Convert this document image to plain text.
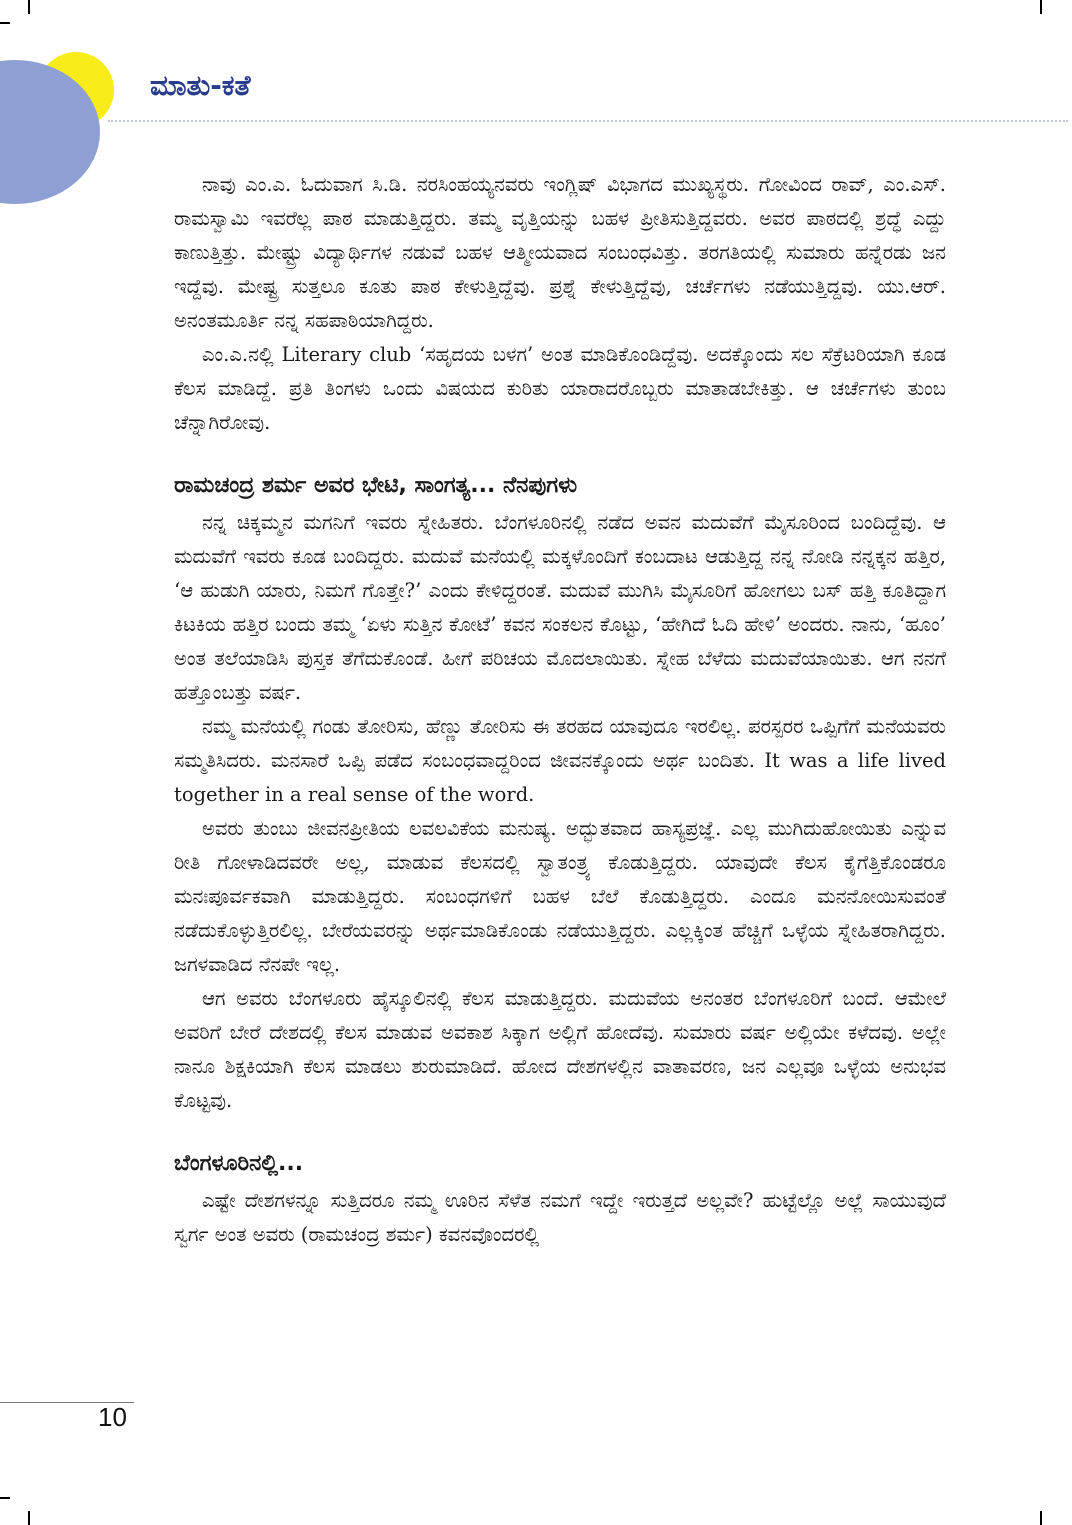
ಮಾತು-ಕತೆ

ನಾವು ಎಂ.ಎ. ಓದುವಾಗ ಸಿ.ಡಿ. ನರಸಿಂಹಯ್ಯನವರು ಇಂಗ್ಲಿಷ್ ವಿಭಾಗದ ಮುಖ್ಯಸ್ಥರು. ಗೋವಿಂದ ರಾವ್, ಎಂ.ಎಸ್. ರಾಮಸ್ವಾಮಿ ಇವರೆಲ್ಲ ಪಾಠ ಮಾಡುತ್ತಿದ್ದರು. ತಮ್ಮ ವೃತ್ತಿಯನ್ನು ಬಹಳ ಪ್ರೀತಿಸುತ್ತಿದ್ದವರು. ಅವರ ಪಾಠದಲ್ಲಿ ಶ್ರದ್ಧೆ ಎದ್ದು ಕಾಣುತ್ತಿತ್ತು. ಮೇಷ್ಟ್ರು ವಿದ್ಯಾರ್ಥಿಗಳ ನಡುವೆ ಬಹಳ ಆತ್ಮೀಯವಾದ ಸಂಬಂಧವಿತ್ತು. ತರಗತಿಯಲ್ಲಿ ಸುಮಾರು ಹನ್ನೆರಡು ಜನ ಇದ್ದೆವು. ಮೇಷ್ಟ್ರ ಸುತ್ತಲೂ ಕೂತು ಪಾಠ ಕೇಳುತ್ತಿದ್ದೆವು. ಪ್ರಶ್ನೆ ಕೇಳುತ್ತಿದ್ದೆವು, ಚರ್ಚೆಗಳು ನಡೆಯುತ್ತಿದ್ದವು. ಯು.ಆರ್. ಅನಂತಮೂರ್ತಿ ನನ್ನ ಸಹಪಾಠಿಯಾಗಿದ್ದರು.

ಎಂ.ಎ.ನಲ್ಲಿ Literary club ‘ಸಹೃದಯ ಬಳಗ’ ಅಂತ ಮಾಡಿಕೊಂಡಿದ್ದೆವು. ಅದಕ್ಕೊಂದು ಸಲ ಸೆಕ್ರೆಟರಿಯಾಗಿ ಕೂಡ ಕೆಲಸ ಮಾಡಿದ್ದೆ. ಪ್ರತಿ ತಿಂಗಳು ಒಂದು ವಿಷಯದ ಕುರಿತು ಯಾರಾದರೊಬ್ಬರು ಮಾತಾಡಬೇಕಿತ್ತು. ಆ ಚರ್ಚೆಗಳು ತುಂಬ ಚೆನ್ನಾಗಿರೋವು.

ರಾಮಚಂದ್ರ ಶರ್ಮ ಅವರ ಭೇಟಿ, ಸಾಂಗತ್ಯ... ನೆನಪುಗಳು

ನನ್ನ ಚಿಕ್ಕಮ್ಮನ ಮಗನಿಗೆ ಇವರು ಸ್ನೇಹಿತರು. ಬೆಂಗಳೂರಿನಲ್ಲಿ ನಡೆದ ಅವನ ಮದುವೆಗೆ ಮೈಸೂರಿಂದ ಬಂದಿದ್ದೆವು. ಆ ಮದುವೆಗೆ ಇವರು ಕೂಡ ಬಂದಿದ್ದರು. ಮದುವೆ ಮನೆಯಲ್ಲಿ ಮಕ್ಕಳೊಂದಿಗೆ ಕಂಬದಾಟ ಆಡುತ್ತಿದ್ದ ನನ್ನ ನೋಡಿ ನನ್ನಕ್ಕನ ಹತ್ತಿರ, ‘ಆ ಹುಡುಗಿ ಯಾರು, ನಿಮಗೆ ಗೊತ್ತೇ?’ ಎಂದು ಕೇಳಿದ್ದರಂತೆ. ಮದುವೆ ಮುಗಿಸಿ ಮೈಸೂರಿಗೆ ಹೋಗಲು ಬಸ್ ಹತ್ತಿ ಕೂತಿದ್ದಾಗ ಕಿಟಕಿಯ ಹತ್ತಿರ ಬಂದು ತಮ್ಮ ‘ಏಳು ಸುತ್ತಿನ ಕೋಟೆ’ ಕವನ ಸಂಕಲನ ಕೊಟ್ಟು, ‘ಹೇಗಿದೆ ಓದಿ ಹೇಳಿ’ ಅಂದರು. ನಾನು, ‘ಹೂಂ’ ಅಂತ ತಲೆಯಾಡಿಸಿ ಪುಸ್ತಕ ತೆಗೆದುಕೊಂಡೆ. ಹೀಗೆ ಪರಿಚಯ ಮೊದಲಾಯಿತು. ಸ್ನೇಹ ಬೆಳೆದು ಮದುವೆಯಾಯಿತು. ಆಗ ನನಗೆ ಹತ್ತೊಂಬತ್ತು ವರ್ಷ.

ನಮ್ಮ ಮನೆಯಲ್ಲಿ ಗಂಡು ತೋರಿಸು, ಹೆಣ್ಣು ತೋರಿಸು ಈ ತರಹದ ಯಾವುದೂ ಇರಲಿಲ್ಲ. ಪರಸ್ಪರರ ಒಪ್ಪಿಗೆಗೆ ಮನೆಯವರು ಸಮ್ಮತಿಸಿದರು. ಮನಸಾರೆ ಒಪ್ಪಿ ಪಡೆದ ಸಂಬಂಧವಾದ್ದರಿಂದ ಜೀವನಕ್ಕೊಂದು ಅರ್ಥ ಬಂದಿತು. It was a life lived together in a real sense of the word.

ಅವರು ತುಂಬು ಜೀವನಪ್ರೀತಿಯ ಲವಲವಿಕೆಯ ಮನುಷ್ಯ. ಅದ್ಭುತವಾದ ಹಾಸ್ಯಪ್ರಜ್ಞೆ. ಎಲ್ಲ ಮುಗಿದುಹೋಯಿತು ಎನ್ನುವ ರೀತಿ ಗೋಳಾಡಿದವರೇ ಅಲ್ಲ, ಮಾಡುವ ಕೆಲಸದಲ್ಲಿ ಸ್ವಾತಂತ್ರ್ಯ ಕೊಡುತ್ತಿದ್ದರು. ಯಾವುದೇ ಕೆಲಸ ಕೈಗೆತ್ತಿಕೊಂಡರೂ ಮನಃಪೂರ್ವಕವಾಗಿ ಮಾಡುತ್ತಿದ್ದರು. ಸಂಬಂಧಗಳಿಗೆ ಬಹಳ ಬೆಲೆ ಕೊಡುತ್ತಿದ್ದರು. ಎಂದೂ ಮನನೋಯಿಸುವಂತೆ ನಡೆದುಕೊಳ್ಳುತ್ತಿರಲಿಲ್ಲ. ಬೇರೆಯವರನ್ನು ಅರ್ಥಮಾಡಿಕೊಂಡು ನಡೆಯುತ್ತಿದ್ದರು. ಎಲ್ಲಕ್ಕಿಂತ ಹೆಚ್ಚಿಗೆ ಒಳ್ಳೆಯ ಸ್ನೇಹಿತರಾಗಿದ್ದರು. ಜಗಳವಾಡಿದ ನೆನಪೇ ಇಲ್ಲ.

ಆಗ ಅವರು ಬೆಂಗಳೂರು ಹೈಸ್ಕೂಲಿನಲ್ಲಿ ಕೆಲಸ ಮಾಡುತ್ತಿದ್ದರು. ಮದುವೆಯ ಅನಂತರ ಬೆಂಗಳೂರಿಗೆ ಬಂದೆ. ಆಮೇಲೆ ಅವರಿಗೆ ಬೇರೆ ದೇಶದಲ್ಲಿ ಕೆಲಸ ಮಾಡುವ ಅವಕಾಶ ಸಿಕ್ಕಾಗ ಅಲ್ಲಿಗೆ ಹೋದೆವು. ಸುಮಾರು ವರ್ಷ ಅಲ್ಲಿಯೇ ಕಳೆದವು. ಅಲ್ಲೇ ನಾನೂ ಶಿಕ್ಷಕಿಯಾಗಿ ಕೆಲಸ ಮಾಡಲು ಶುರುಮಾಡಿದೆ. ಹೋದ ದೇಶಗಳಲ್ಲಿನ ವಾತಾವರಣ, ಜನ ಎಲ್ಲವೂ ಒಳ್ಳೆಯ ಅನುಭವ ಕೊಟ್ಟವು.

ಬೆಂಗಳೂರಿನಲ್ಲಿ...

ಎಷ್ಟೇ ದೇಶಗಳನ್ನೂ ಸುತ್ತಿದರೂ ನಮ್ಮ ಊರಿನ ಸೆಳೆತ ನಮಗೆ ಇದ್ದೇ ಇರುತ್ತದೆ ಅಲ್ಲವೇ? ಹುಟ್ಟೆಲ್ಲೊ ಅಲ್ಲೆ ಸಾಯುವುದೆ ಸ್ವರ್ಗ ಅಂತ ಅವರು (ರಾಮಚಂದ್ರ ಶರ್ಮ) ಕವನವೊಂದರಲ್ಲಿ

10
